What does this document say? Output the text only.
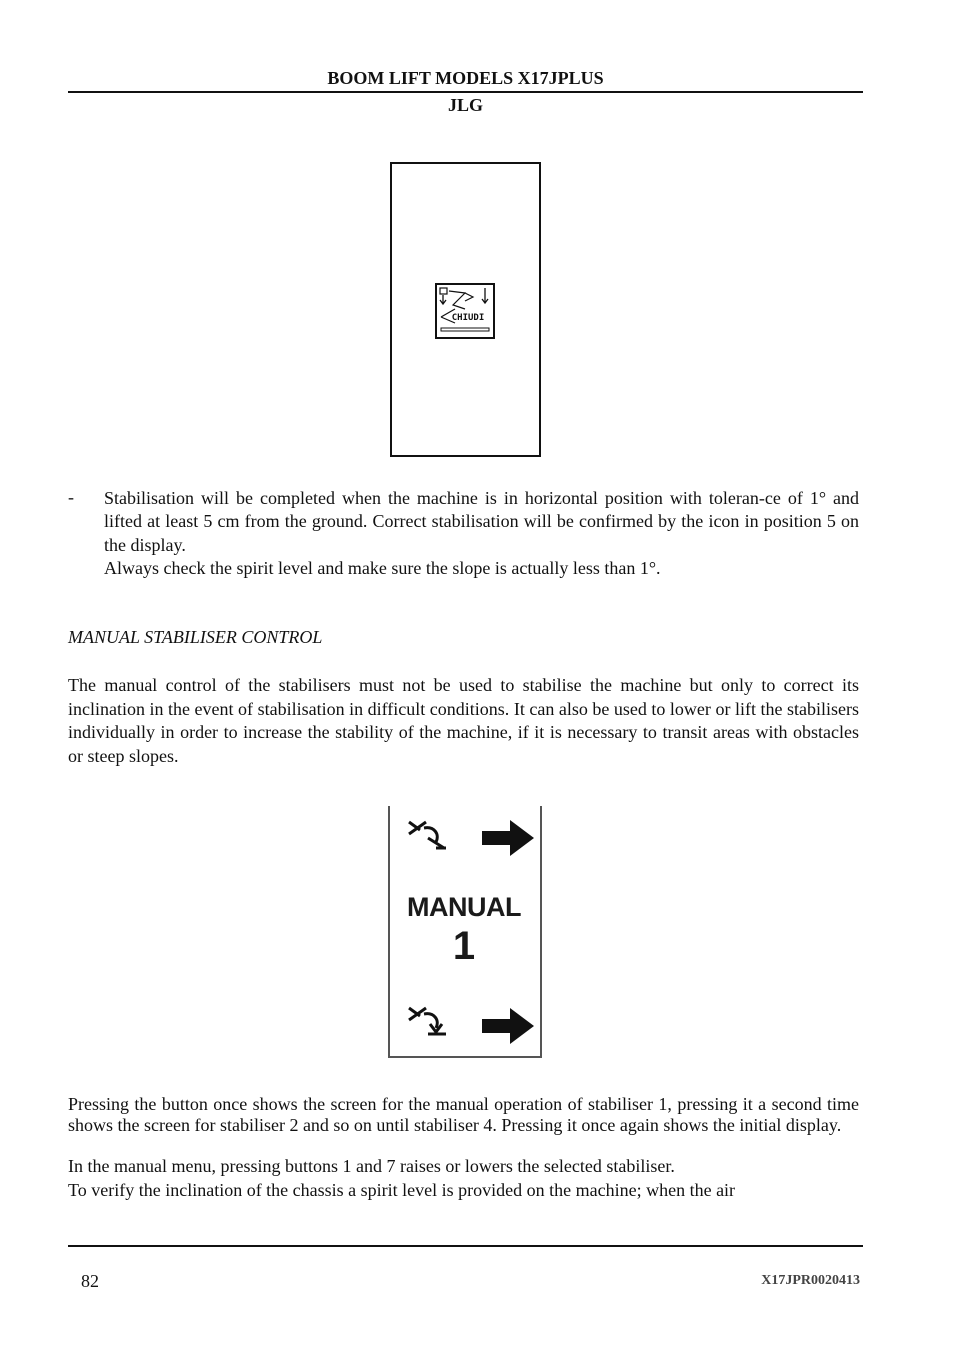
BOOM LIFT MODELS X17JPLUS
JLG
CHIUDI
- Stabilisation will be completed when the machine is in horizontal position with toleran-ce of 1° and lifted at least 5 cm from the ground. Correct stabilisation will be confirmed by the icon in position 5 on the display.

Always check the spirit level and make sure the slope is actually less than 1°.

MANUAL STABILISER CONTROL
The manual control of the stabilisers must not be used to stabilise the machine but only to correct its inclination in the event of stabilisation in difficult conditions. It can also be used to lower or lift the stabilisers individually in order to increase the stability of the machine, if it is necessary to transit areas with obstacles or steep slopes.
MANUAL
1
Pressing the button once shows the screen for the manual operation of stabiliser 1, pressing it a second time shows the screen for stabiliser 2 and so on until stabiliser 4. Pressing it once again shows the initial display.
In the manual menu, pressing buttons 1 and 7 raises or lowers the selected stabiliser.
To verify the inclination of the chassis a spirit level is provided on the machine; when the air
82	X17JPR0020413
